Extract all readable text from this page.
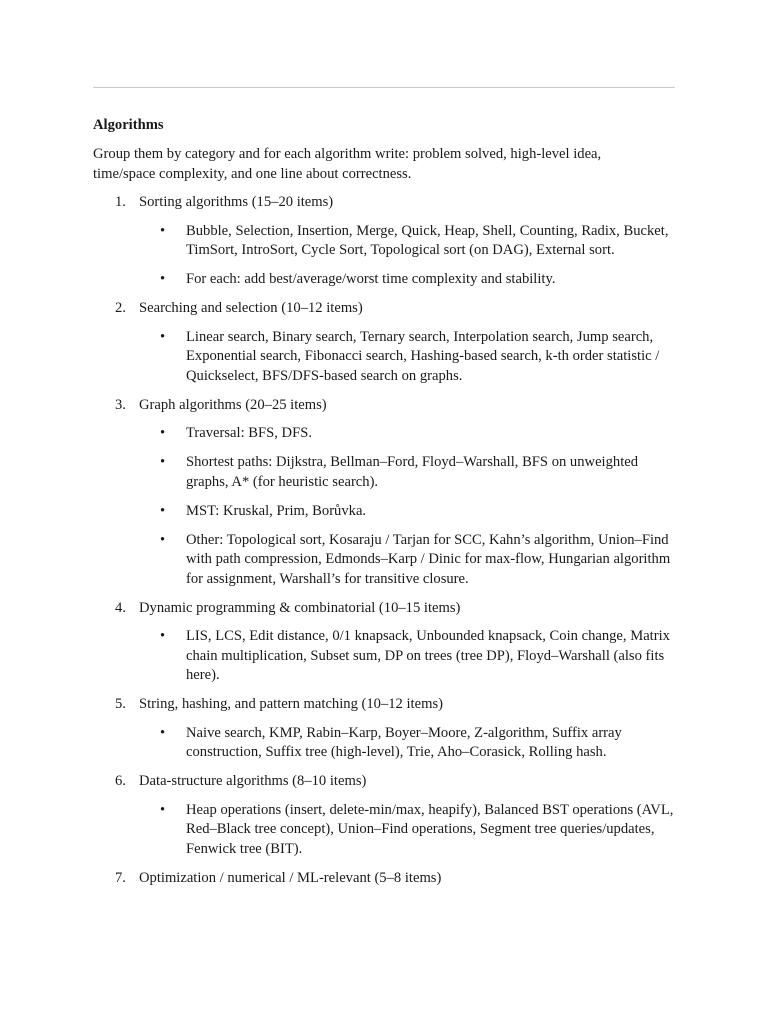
Algorithms

Group them by category and for each algorithm write: problem solved, high-level idea, time/space complexity, and one line about correctness.

1. Sorting algorithms (15–20 items)
• Bubble, Selection, Insertion, Merge, Quick, Heap, Shell, Counting, Radix, Bucket, TimSort, IntroSort, Cycle Sort, Topological sort (on DAG), External sort.
• For each: add best/average/worst time complexity and stability.
2. Searching and selection (10–12 items)
• Linear search, Binary search, Ternary search, Interpolation search, Jump search, Exponential search, Fibonacci search, Hashing-based search, k-th order statistic / Quickselect, BFS/DFS-based search on graphs.
3. Graph algorithms (20–25 items)
• Traversal: BFS, DFS.
• Shortest paths: Dijkstra, Bellman–Ford, Floyd–Warshall, BFS on unweighted graphs, A* (for heuristic search).
• MST: Kruskal, Prim, Borůvka.
• Other: Topological sort, Kosaraju / Tarjan for SCC, Kahn’s algorithm, Union–Find with path compression, Edmonds–Karp / Dinic for max-flow, Hungarian algorithm for assignment, Warshall’s for transitive closure.
4. Dynamic programming & combinatorial (10–15 items)
• LIS, LCS, Edit distance, 0/1 knapsack, Unbounded knapsack, Coin change, Matrix chain multiplication, Subset sum, DP on trees (tree DP), Floyd–Warshall (also fits here).
5. String, hashing, and pattern matching (10–12 items)
• Naive search, KMP, Rabin–Karp, Boyer–Moore, Z-algorithm, Suffix array construction, Suffix tree (high-level), Trie, Aho–Corasick, Rolling hash.
6. Data-structure algorithms (8–10 items)
• Heap operations (insert, delete-min/max, heapify), Balanced BST operations (AVL, Red–Black tree concept), Union–Find operations, Segment tree queries/updates, Fenwick tree (BIT).
7. Optimization / numerical / ML-relevant (5–8 items)
